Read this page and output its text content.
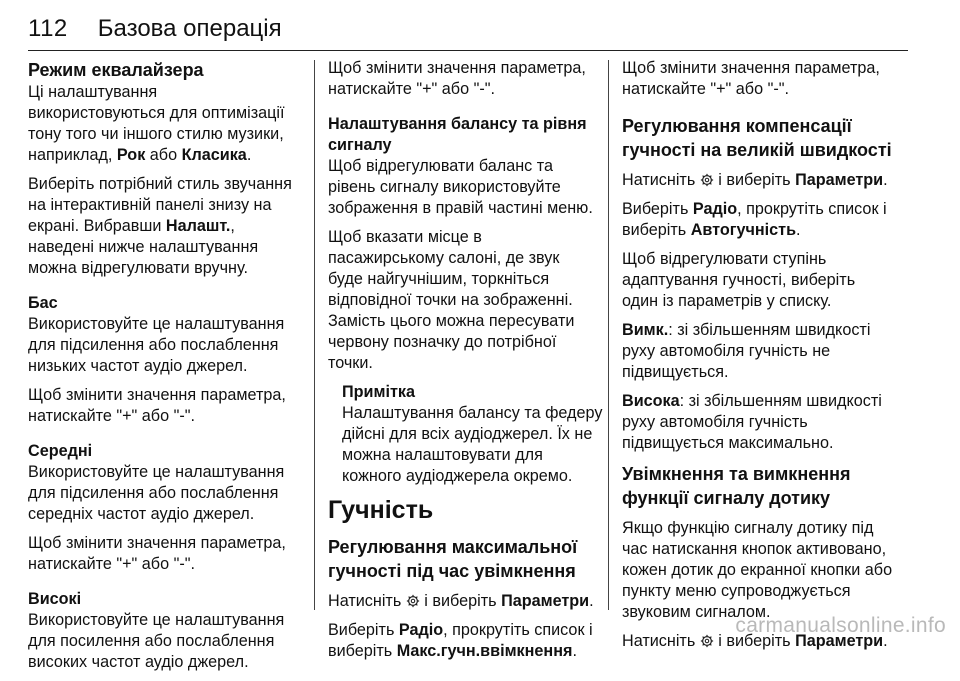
112 Базова операція
Режим еквалайзера

Ці налаштування
використовуються для оптимізації
тону того чи іншого стилю музики,
наприклад, Рок або Класика.

Виберіть потрібний стиль звучання
на інтерактивній панелі знизу на
екрані. Вибравши Налашт.,
наведені нижче налаштування
можна відрегулювати вручну.

Бас

Використовуйте це налаштування
для підсилення або послаблення
низьких частот аудіо джерел.

Щоб змінити значення параметра,
натискайте "+" або "-".

Середні

Використовуйте це налаштування
для підсилення або послаблення
середніх частот аудіо джерел.

Щоб змінити значення параметра,
натискайте "+" або "-".

Високі

Використовуйте це налаштування
для посилення або послаблення
високих частот аудіо джерел.

Щоб змінити значення параметра,
натискайте "+" або "-".

Налаштування балансу та рівня
сигналу

Щоб відрегулювати баланс та
рівень сигналу використовуйте
зображення в правій частині меню.

Щоб вказати місце в
пасажирському салоні, де звук
буде найгучнішим, торкніться
відповідної точки на зображенні.
Замість цього можна пересувати
червону позначку до потрібної
точки.

Примітка

Налаштування балансу та федеру
дійсні для всіх аудіоджерел. Їх не
можна налаштовувати для
кожного аудіоджерела окремо.

Гучність
Регулювання максимальної
гучності під час увімкнення

Натисніть  і виберіть Параметри.

Виберіть Радіо, прокрутіть список і
виберіть Макс.гучн.ввімкнення.

Щоб змінити значення параметра,
натискайте "+" або "-".

Регулювання компенсації
гучності на великій швидкості

Натисніть  і виберіть Параметри.

Виберіть Радіо, прокрутіть список і
виберіть Автогучність.

Щоб відрегулювати ступінь
адаптування гучності, виберіть
один із параметрів у списку.

Вимк.: зі збільшенням швидкості
руху автомобіля гучність не
підвищується.

Висока: зі збільшенням швидкості
руху автомобіля гучність
підвищується максимально.

Увімкнення та вимкнення
функції сигналу дотику

Якщо функцію сигналу дотику під
час натискання кнопок активовано,
кожен дотик до екранної кнопки або
пункту меню супроводжується
звуковим сигналом.

Натисніть  і виберіть Параметри.

carmanualsonline.info
